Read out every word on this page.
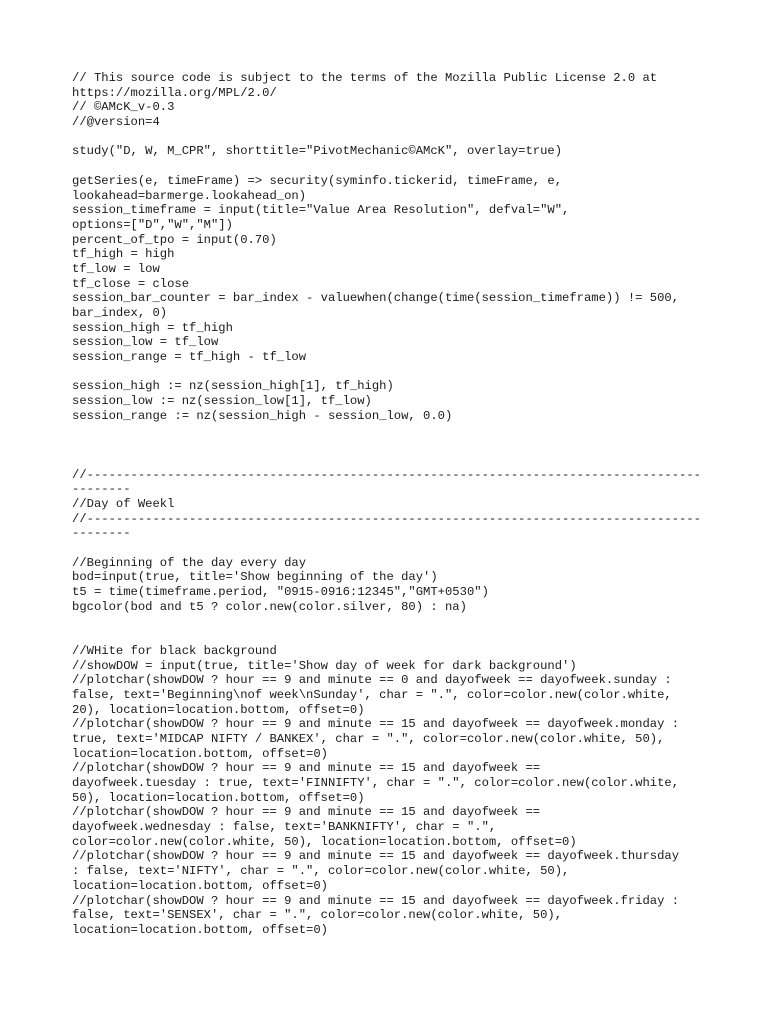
// This source code is subject to the terms of the Mozilla Public License 2.0 at
https://mozilla.org/MPL/2.0/
// ©AMcK_v-0.3
//@version=4
study("D, W, M_CPR", shorttitle="PivotMechanic©AMcK", overlay=true)
getSeries(e, timeFrame) => security(syminfo.tickerid, timeFrame, e,
lookahead=barmerge.lookahead_on)
session_timeframe = input(title="Value Area Resolution", defval="W",
options=["D","W","M"])
percent_of_tpo = input(0.70)
tf_high = high
tf_low = low
tf_close = close
session_bar_counter = bar_index - valuewhen(change(time(session_timeframe)) != 500,
bar_index, 0)
session_high = tf_high
session_low = tf_low
session_range = tf_high - tf_low
session_high := nz(session_high[1], tf_high)
session_low := nz(session_low[1], tf_low)
session_range := nz(session_high - session_low, 0.0)
//------------------------------------------------------------------------------------
--------
//Day of Weekl
//------------------------------------------------------------------------------------
--------
//Beginning of the day every day
bod=input(true, title='Show beginning of the day')
t5 = time(timeframe.period, "0915-0916:12345","GMT+0530")
bgcolor(bod and t5 ? color.new(color.silver, 80) : na)
//WHite for black background
//showDOW = input(true, title='Show day of week for dark background')
//plotchar(showDOW ? hour == 9 and minute == 0 and dayofweek == dayofweek.sunday :
false, text='Beginning\nof week\nSunday', char = ".", color=color.new(color.white,
20), location=location.bottom, offset=0)
//plotchar(showDOW ? hour == 9 and minute == 15 and dayofweek == dayofweek.monday :
true, text='MIDCAP NIFTY / BANKEX', char = ".", color=color.new(color.white, 50),
location=location.bottom, offset=0)
//plotchar(showDOW ? hour == 9 and minute == 15 and dayofweek ==
dayofweek.tuesday : true, text='FINNIFTY', char = ".", color=color.new(color.white,
50), location=location.bottom, offset=0)
//plotchar(showDOW ? hour == 9 and minute == 15 and dayofweek ==
dayofweek.wednesday : false, text='BANKNIFTY', char = ".",
color=color.new(color.white, 50), location=location.bottom, offset=0)
//plotchar(showDOW ? hour == 9 and minute == 15 and dayofweek == dayofweek.thursday
: false, text='NIFTY', char = ".", color=color.new(color.white, 50),
location=location.bottom, offset=0)
//plotchar(showDOW ? hour == 9 and minute == 15 and dayofweek == dayofweek.friday :
false, text='SENSEX', char = ".", color=color.new(color.white, 50),
location=location.bottom, offset=0)
